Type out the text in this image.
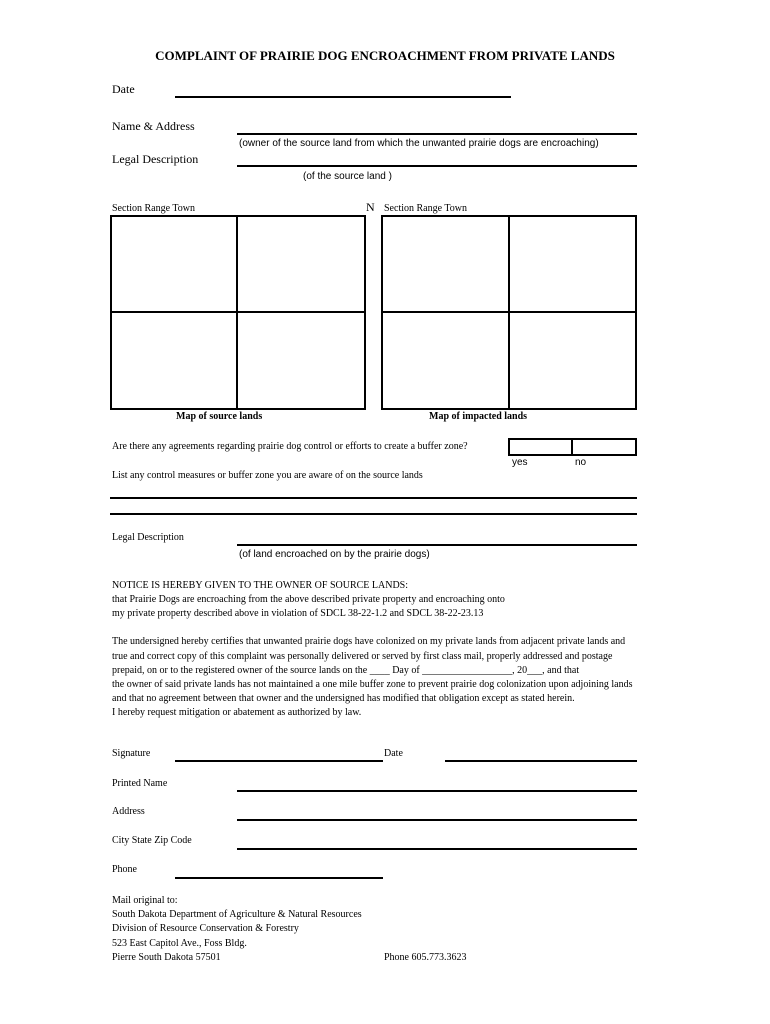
COMPLAINT OF PRAIRIE DOG ENCROACHMENT FROM PRIVATE LANDS
Date
Name & Address
(owner of the source land from which the unwanted prairie dogs are encroaching)
Legal Description
(of the source land )
Section Range Town	N Section Range Town
Map of source lands	Map of impacted lands
Are there any agreements regarding prairie dog control or efforts to create a buffer zone?
yes	no
List any control measures or buffer zone you are aware of on the source lands
Legal Description
(of land encroached on by the prairie dogs)
NOTICE IS HEREBY GIVEN TO THE OWNER OF SOURCE LANDS:
that Prairie Dogs are encroaching from the above described private property and encroaching onto
my private property described above in violation of SDCL 38-22-1.2 and SDCL 38-22-23.13
The undersigned hereby certifies that unwanted prairie dogs have colonized on my private lands from adjacent private lands and
true and correct copy of this complaint was personally delivered or served by first class mail, properly addressed and postage
prepaid, on or to the registered owner of the source lands on the ____ Day of __________________, 20___, and that
the owner of said private lands has not maintained a one mile buffer zone to prevent prairie dog colonization upon adjoining lands
and that no agreement between that owner and the undersigned has modified that obligation except as stated herein.
I hereby request mitigation or abatement as authorized by law.
Signature	Date
Printed Name
Address
City State Zip Code
Phone
Mail original to:
South Dakota Department of Agriculture & Natural Resources
Division of Resource Conservation & Forestry
523 East Capitol Ave., Foss Bldg.
Pierre South Dakota 57501	Phone 605.773.3623
